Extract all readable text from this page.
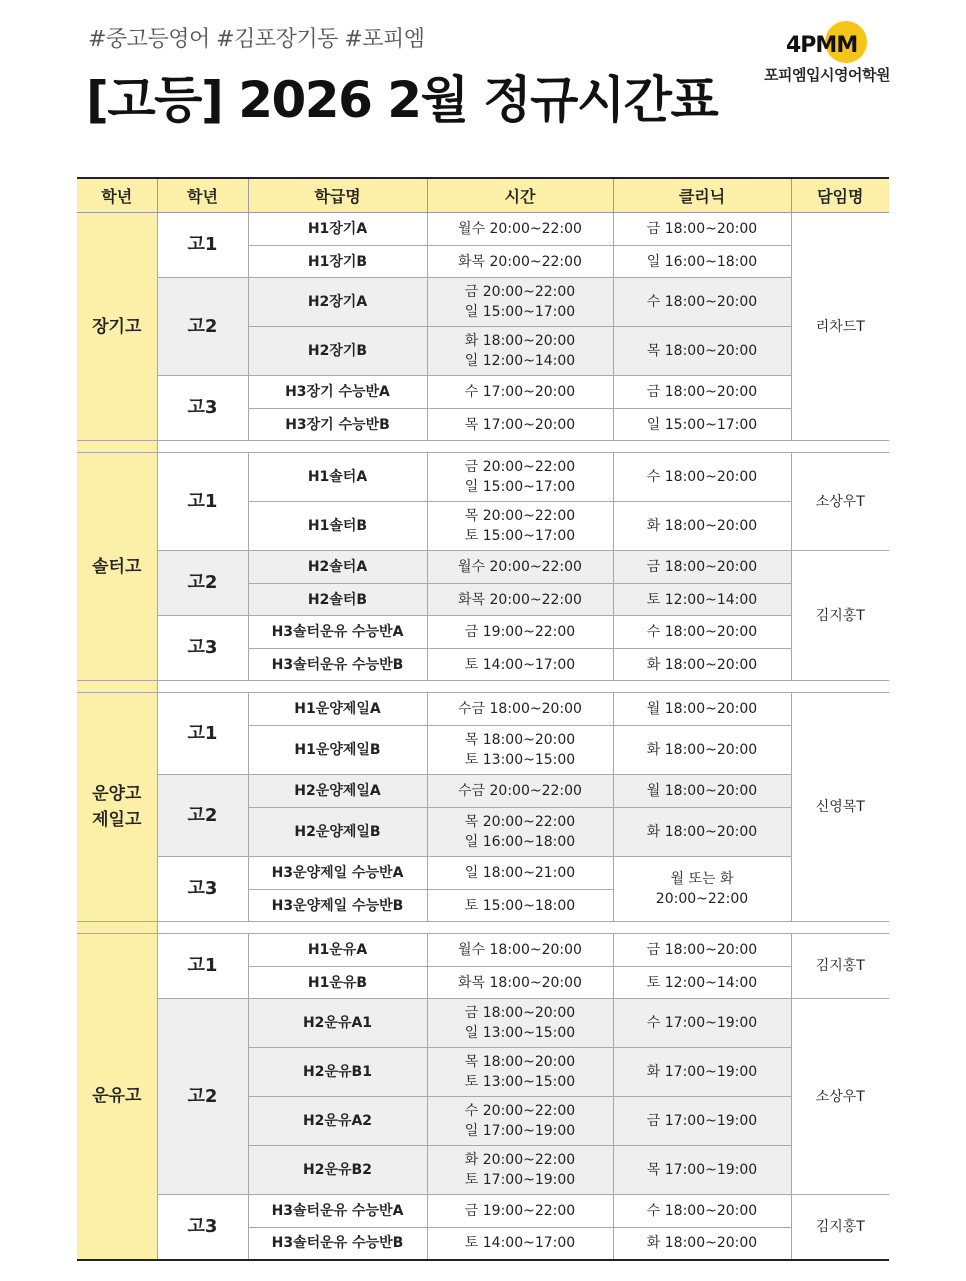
#중고등영어 #김포장기동 #포피엠
[고등] 2026 2월 정규시간표
4PMM
포피엠입시영어학원
학년	학년	학급명	시간	클리닉	담임명

장기고	고1	H1장기A	월수 20:00~22:00	금 18:00~20:00	리차드T
		H1장기B	화목 20:00~22:00	일 16:00~18:00	

	고2	H2장기A	금 20:00~22:00
일 15:00~17:00	수 18:00~20:00	

		H2장기B	화 18:00~20:00
일 12:00~14:00	목 18:00~20:00	

	고3	H3장기 수능반A	수 17:00~20:00	금 18:00~20:00	

		H3장기 수능반B	목 17:00~20:00	일 15:00~17:00	

솔터고	고1	H1솔터A	금 20:00~22:00
일 15:00~17:00	수 18:00~20:00	소상우T
		H1솔터B	목 20:00~22:00
토 15:00~17:00	화 18:00~20:00	

	고2	H2솔터A	월수 20:00~22:00	금 18:00~20:00	김지홍T
		H2솔터B	화목 20:00~22:00	토 12:00~14:00	

	고3	H3솔터운유 수능반A	금 19:00~22:00	수 18:00~20:00	

		H3솔터운유 수능반B	토 14:00~17:00	화 18:00~20:00	

운양고
제일고	고1	H1운양제일A	수금 18:00~20:00	월 18:00~20:00	신영목T
		H1운양제일B	목 18:00~20:00
토 13:00~15:00	화 18:00~20:00	

	고2	H2운양제일A	수금 20:00~22:00	월 18:00~20:00	

		H2운양제일B	목 20:00~22:00
일 16:00~18:00	화 18:00~20:00	

	고3	H3운양제일 수능반A	일 18:00~21:00	월 또는 화
20:00~22:00	

		H3운양제일 수능반B	토 15:00~18:00		

운유고	고1	H1운유A	월수 18:00~20:00	금 18:00~20:00	김지홍T
		H1운유B	화목 18:00~20:00	토 12:00~14:00	

	고2	H2운유A1	금 18:00~20:00
일 13:00~15:00	수 17:00~19:00	소상우T
		H2운유B1	목 18:00~20:00
토 13:00~15:00	화 17:00~19:00	

		H2운유A2	수 20:00~22:00
일 17:00~19:00	금 17:00~19:00	

		H2운유B2	화 20:00~22:00
토 17:00~19:00	목 17:00~19:00	

	고3	H3솔터운유 수능반A	금 19:00~22:00	수 18:00~20:00	김지홍T
		H3솔터운유 수능반B	토 14:00~17:00	화 18:00~20:00	
